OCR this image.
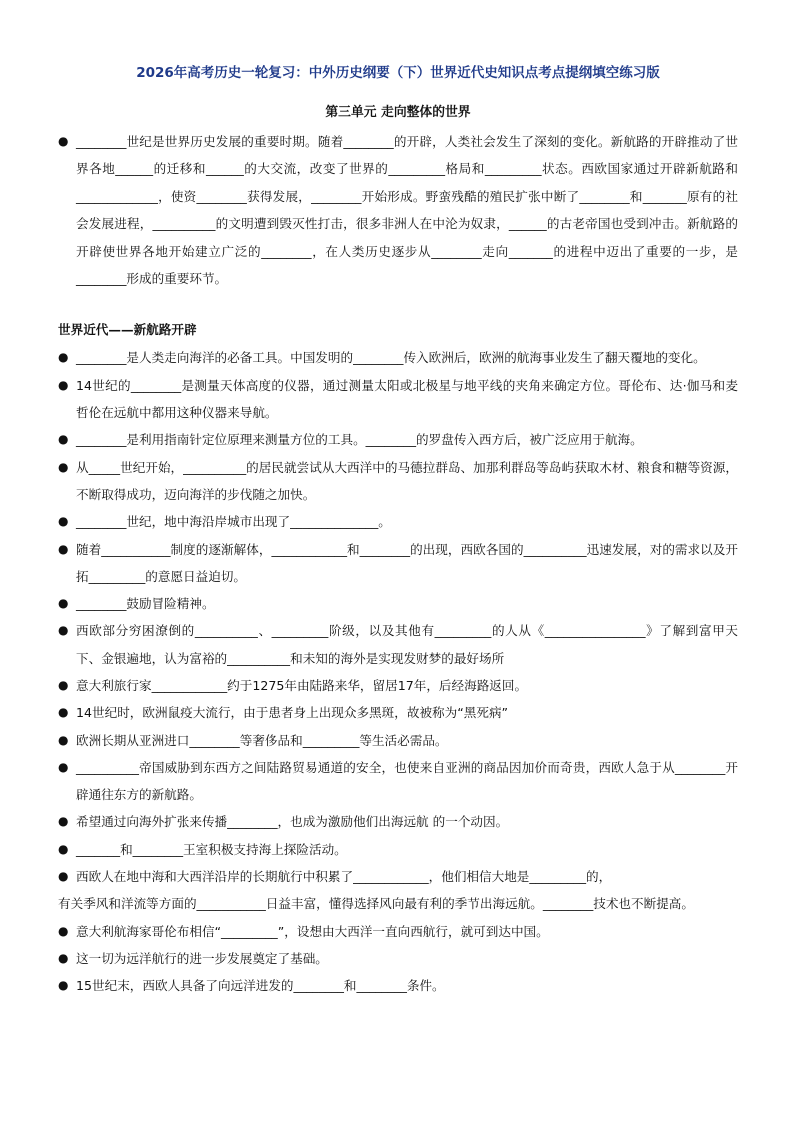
2026年高考历史一轮复习：中外历史纲要（下）世界近代史知识点考点提纲填空练习版
第三单元 走向整体的世界
● ________世纪是世界历史发展的重要时期。随着________的开辟，人类社会发生了深刻的变化。新航路的开辟推动了世界各地______的迁移和______的大交流，改变了世界的_________格局和_________状态。西欧国家通过开辟新航路和_____________，使资________获得发展，________开始形成。野蛮残酷的殖民扩张中断了________和_______原有的社会发展进程，__________的文明遭到毁灭性打击，很多非洲人在中沦为奴隶，______的古老帝国也受到冲击。新航路的开辟使世界各地开始建立广泛的________，在人类历史逐步从________走向_______的进程中迈出了重要的一步，是________形成的重要环节。
世界近代——新航路开辟
● ________是人类走向海洋的必备工具。中国发明的________传入欧洲后，欧洲的航海事业发生了翻天覆地的变化。
● 14世纪的________是测量天体高度的仪器，通过测量太阳或北极星与地平线的夹角来确定方位。哥伦布、达·伽马和麦哲伦在远航中都用这种仪器来导航。
● ________是利用指南针定位原理来测量方位的工具。________的罗盘传入西方后，被广泛应用于航海。
● 从_____世纪开始，__________的居民就尝试从大西洋中的马德拉群岛、加那利群岛等岛屿获取木材、粮食和糖等资源，不断取得成功，迈向海洋的步伐随之加快。
● ________世纪，地中海沿岸城市出现了______________。
● 随着___________制度的逐渐解体，____________和________的出现，西欧各国的__________迅速发展，对的需求以及开拓_________的意愿日益迫切。
● ________鼓励冒险精神。
● 西欧部分穷困潦倒的__________、_________阶级，以及其他有_________的人从《________________》了解到富甲天下、金银遍地，认为富裕的__________和未知的海外是实现发财梦的最好场所
● 意大利旅行家____________约于1275年由陆路来华，留居17年，后经海路返回。
● 14世纪时，欧洲鼠疫大流行，由于患者身上出现众多黑斑，故被称为“黑死病”
● 欧洲长期从亚洲进口________等奢侈品和_________等生活必需品。
● __________帝国威胁到东西方之间陆路贸易通道的安全，也使来自亚洲的商品因加价而奇贵，西欧人急于从________开辟通往东方的新航路。
● 希望通过向海外扩张来传播________，也成为激励他们出海远航 的一个动因。
● _______和________王室积极支持海上探险活动。
● 西欧人在地中海和大西洋沿岸的长期航行中积累了____________，他们相信大地是_________的，
有关季风和洋流等方面的___________日益丰富，懂得选择风向最有利的季节出海远航。________技术也不断提高。
● 意大利航海家哥伦布相信“_________”，设想由大西洋一直向西航行，就可到达中国。
● 这一切为远洋航行的进一步发展奠定了基础。
● 15世纪末，西欧人具备了向远洋进发的________和________条件。
